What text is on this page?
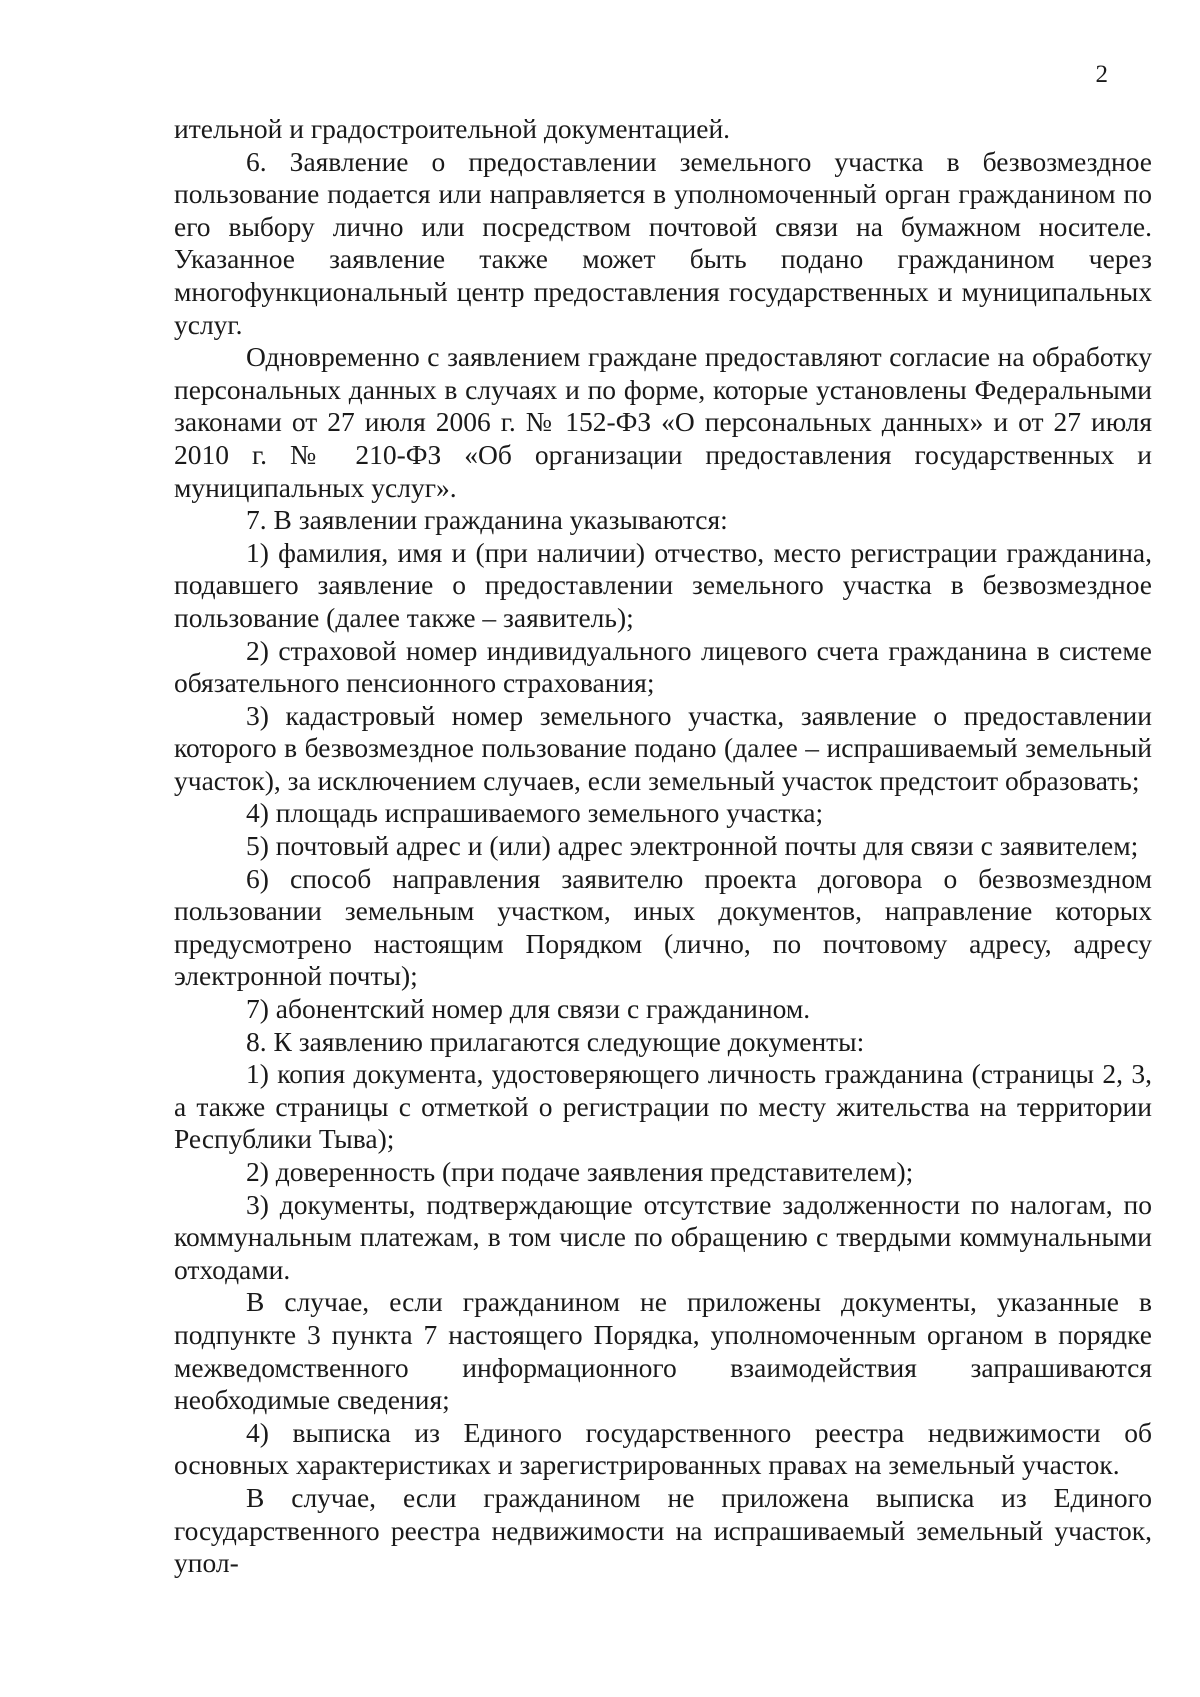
2

ительной и градостроительной документацией.

6. Заявление о предоставлении земельного участка в безвозмездное пользование подается или направляется в уполномоченный орган гражданином по его выбору лично или посредством почтовой связи на бумажном носителе. Указанное заявление также может быть подано гражданином через многофункциональный центр предоставления государственных и муниципальных услуг.

Одновременно с заявлением граждане предоставляют согласие на обработку персональных данных в случаях и по форме, которые установлены Федеральными законами от 27 июля 2006 г. № 152-ФЗ «О персональных данных» и от 27 июля 2010 г. № 210-ФЗ «Об организации предоставления государственных и муниципальных услуг».

7. В заявлении гражданина указываются:

1) фамилия, имя и (при наличии) отчество, место регистрации гражданина, подавшего заявление о предоставлении земельного участка в безвозмездное пользование (далее также – заявитель);

2) страховой номер индивидуального лицевого счета гражданина в системе обязательного пенсионного страхования;

3) кадастровый номер земельного участка, заявление о предоставлении которого в безвозмездное пользование подано (далее – испрашиваемый земельный участок), за исключением случаев, если земельный участок предстоит образовать;

4) площадь испрашиваемого земельного участка;

5) почтовый адрес и (или) адрес электронной почты для связи с заявителем;

6) способ направления заявителю проекта договора о безвозмездном пользовании земельным участком, иных документов, направление которых предусмотрено настоящим Порядком (лично, по почтовому адресу, адресу электронной почты);

7) абонентский номер для связи с гражданином.

8. К заявлению прилагаются следующие документы:

1) копия документа, удостоверяющего личность гражданина (страницы 2, 3, а также страницы с отметкой о регистрации по месту жительства на территории Республики Тыва);

2) доверенность (при подаче заявления представителем);

3) документы, подтверждающие отсутствие задолженности по налогам, по коммунальным платежам, в том числе по обращению с твердыми коммунальными отходами.

В случае, если гражданином не приложены документы, указанные в подпункте 3 пункта 7 настоящего Порядка, уполномоченным органом в порядке межведомственного информационного взаимодействия запрашиваются необходимые сведения;

4) выписка из Единого государственного реестра недвижимости об основных характеристиках и зарегистрированных правах на земельный участок.

В случае, если гражданином не приложена выписка из Единого государственного реестра недвижимости на испрашиваемый земельный участок, упол-
